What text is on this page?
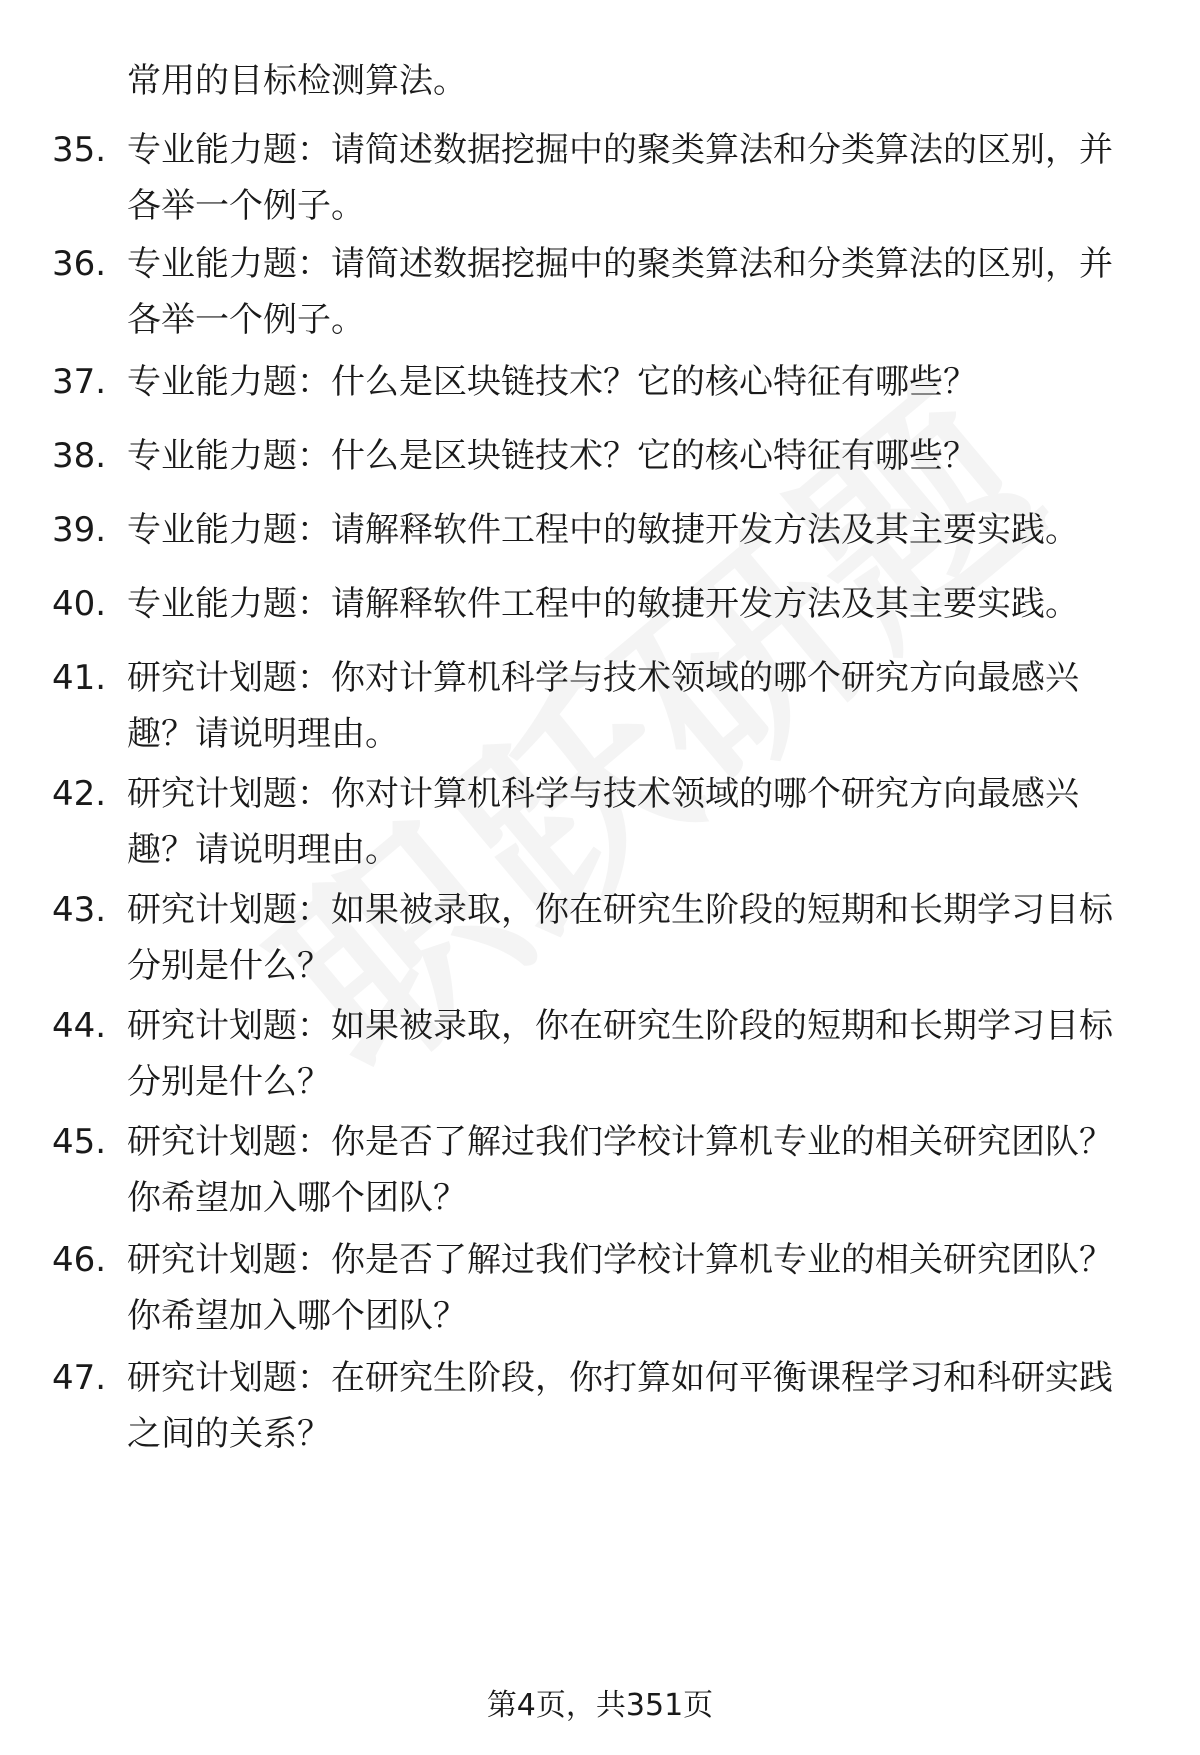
常用的目标检测算法。
35. 专业能力题：请简述数据挖掘中的聚类算法和分类算法的区别，并各举一个例子。
36. 专业能力题：请简述数据挖掘中的聚类算法和分类算法的区别，并各举一个例子。
37. 专业能力题：什么是区块链技术？它的核心特征有哪些？
38. 专业能力题：什么是区块链技术？它的核心特征有哪些？
39. 专业能力题：请解释软件工程中的敏捷开发方法及其主要实践。
40. 专业能力题：请解释软件工程中的敏捷开发方法及其主要实践。
41. 研究计划题：你对计算机科学与技术领域的哪个研究方向最感兴趣？请说明理由。
42. 研究计划题：你对计算机科学与技术领域的哪个研究方向最感兴趣？请说明理由。
43. 研究计划题：如果被录取，你在研究生阶段的短期和长期学习目标分别是什么？
44. 研究计划题：如果被录取，你在研究生阶段的短期和长期学习目标分别是什么？
45. 研究计划题：你是否了解过我们学校计算机专业的相关研究团队？你希望加入哪个团队？
46. 研究计划题：你是否了解过我们学校计算机专业的相关研究团队？你希望加入哪个团队？
47. 研究计划题：在研究生阶段，你打算如何平衡课程学习和科研实践之间的关系？
第4页，共351页
